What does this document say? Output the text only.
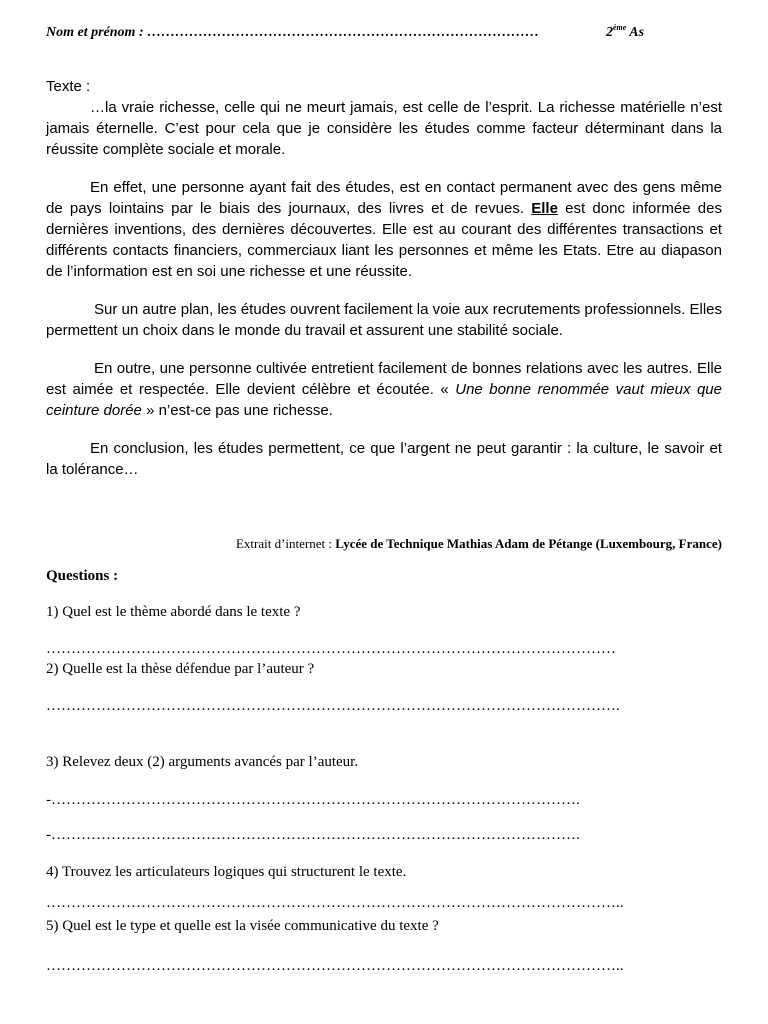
Nom et prénom : …………………………………………………………………………	2ème As

Texte :

…la vraie richesse, celle qui ne meurt jamais, est celle de l’esprit. La richesse matérielle n’est jamais éternelle. C’est pour cela que je considère les études comme facteur déterminant dans la réussite complète sociale et morale.

En effet, une personne ayant fait des études, est en contact permanent avec des gens même de pays lointains par le biais des journaux, des livres et de revues. Elle est donc informée des dernières inventions, des dernières découvertes. Elle est au courant des différentes transactions et différents contacts financiers, commerciaux liant les personnes et même les Etats. Etre au diapason de l’information est en soi une richesse et une réussite.

Sur un autre plan, les études ouvrent facilement la voie aux recrutements professionnels. Elles permettent un choix dans le monde du travail et assurent une stabilité sociale.

En outre, une personne cultivée entretient facilement de bonnes relations avec les autres. Elle est aimée et respectée. Elle devient célèbre et écoutée. « Une bonne renommée vaut mieux que ceinture dorée » n’est-ce pas une richesse.

En conclusion, les études permettent, ce que l’argent ne peut garantir : la culture, le savoir et la tolérance…

Extrait d’internet : Lycée de Technique Mathias Adam de Pétange (Luxembourg, France)
Questions :
1) Quel est le thème abordé dans le texte ?
……………………………………………………………………………………………………
2) Quelle est la thèse défendue par l’auteur ?
…………………………………………………………………………………………………….
3) Relevez deux (2) arguments avancés par l’auteur.
-…………………………………………………………………………………………….
-…………………………………………………………………………………………….
4) Trouvez les articulateurs logiques qui structurent le texte.
……………………………………………………………………………………………………..
5) Quel est le type et quelle est la visée communicative du texte ?
……………………………………………………………………………………………………..
